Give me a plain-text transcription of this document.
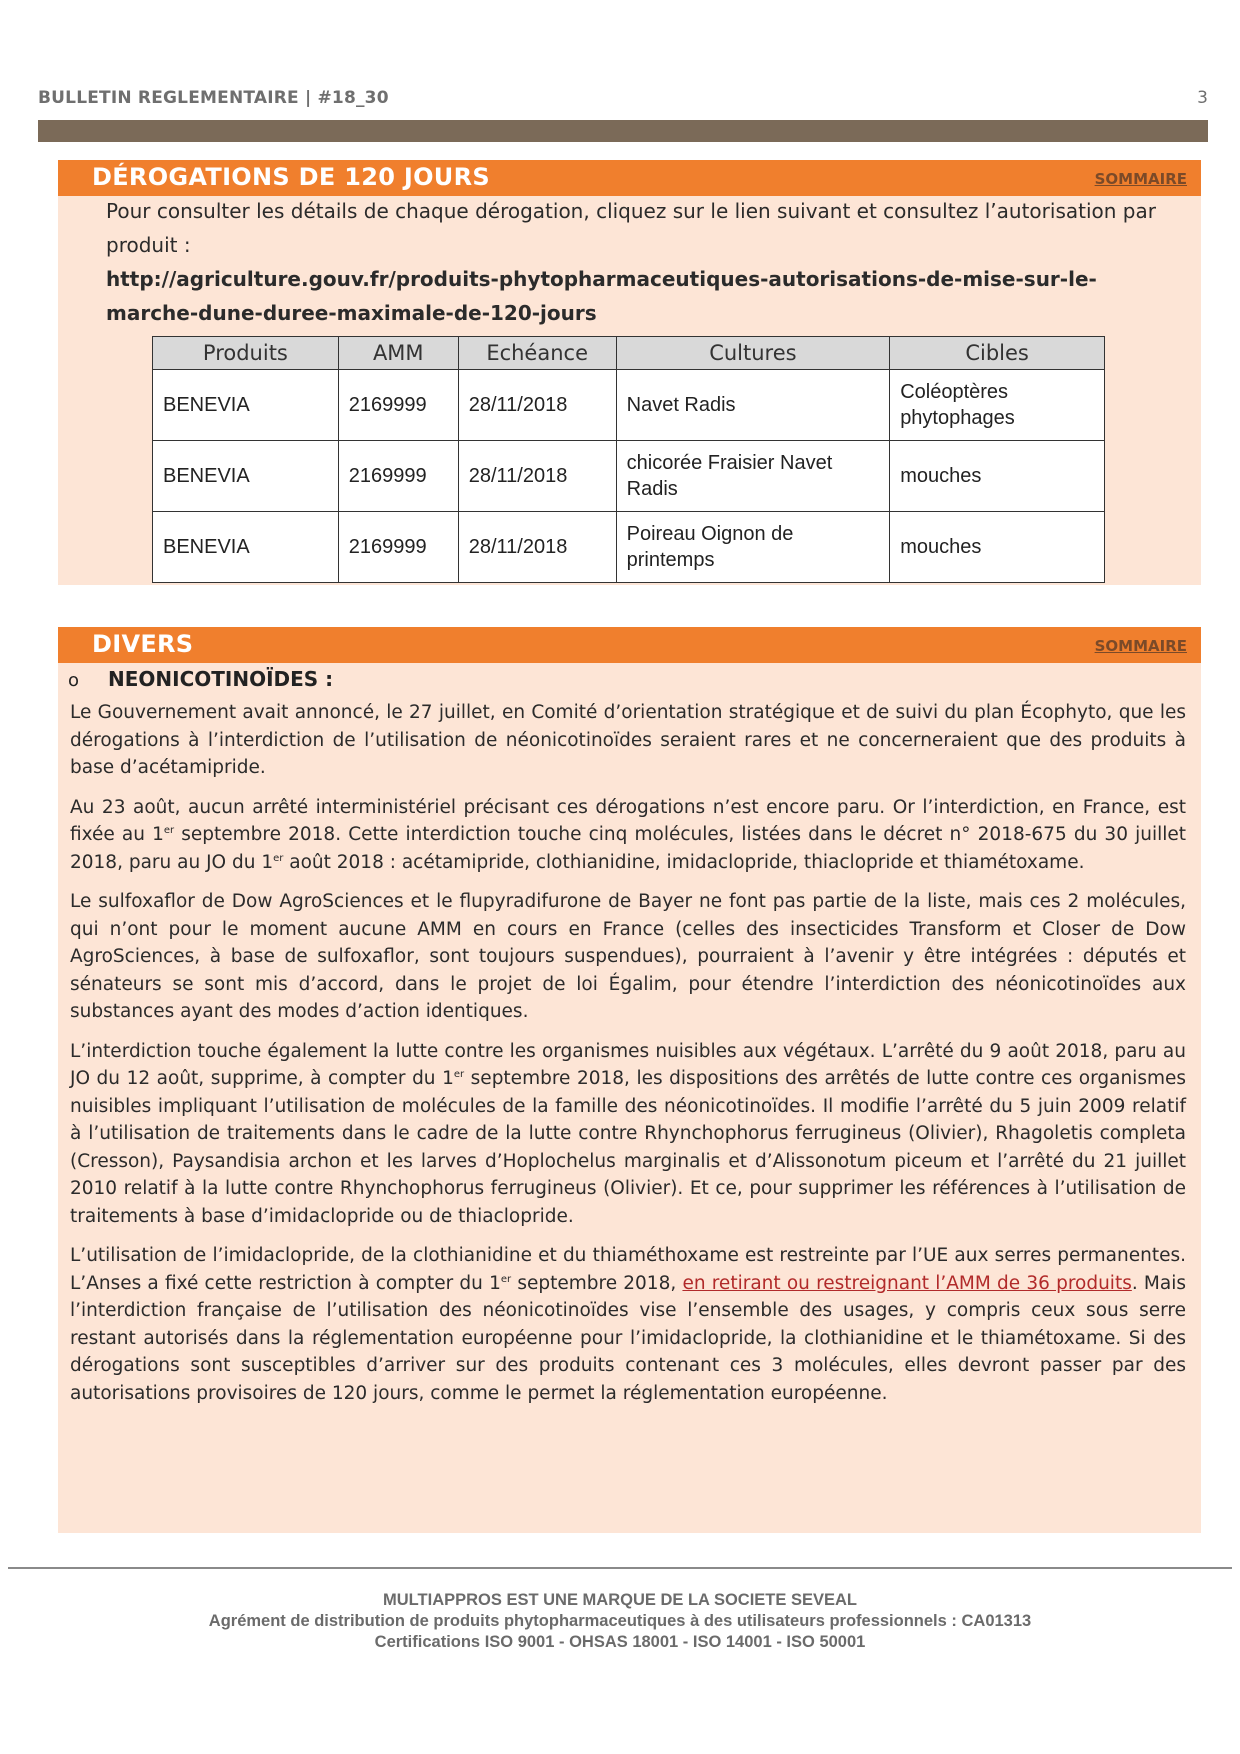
BULLETIN REGLEMENTAIRE | #18_30	3
DÉROGATIONS DE 120 JOURS	SOMMAIRE
Pour consulter les détails de chaque dérogation, cliquez sur le lien suivant et consultez l’autorisation par produit :
http://agriculture.gouv.fr/produits-phytopharmaceutiques-autorisations-de-mise-sur-le-marche-dune-duree-maximale-de-120-jours
Produits	AMM	Echéance	Cultures	Cibles
BENEVIA	2169999	28/11/2018	Navet Radis	Coléoptères phytophages
BENEVIA	2169999	28/11/2018	chicorée Fraisier Navet Radis	mouches
BENEVIA	2169999	28/11/2018	Poireau Oignon de printemps	mouches
DIVERS	SOMMAIRE
o NEONICOTINOÏDES :

Le Gouvernement avait annoncé, le 27 juillet, en Comité d’orientation stratégique et de suivi du plan Écophyto, que les dérogations à l’interdiction de l’utilisation de néonicotinoïdes seraient rares et ne concerneraient que des produits à base d’acétamipride.

Au 23 août, aucun arrêté interministériel précisant ces dérogations n’est encore paru. Or l’interdiction, en France, est fixée au 1er septembre 2018. Cette interdiction touche cinq molécules, listées dans le décret n° 2018-675 du 30 juillet 2018, paru au JO du 1er août 2018 : acétamipride, clothianidine, imidaclopride, thiaclopride et thiamétoxame.

Le sulfoxaflor de Dow AgroSciences et le flupyradifurone de Bayer ne font pas partie de la liste, mais ces 2 molécules, qui n’ont pour le moment aucune AMM en cours en France (celles des insecticides Transform et Closer de Dow AgroSciences, à base de sulfoxaflor, sont toujours suspendues), pourraient à l’avenir y être intégrées : députés et sénateurs se sont mis d’accord, dans le projet de loi Égalim, pour étendre l’interdiction des néonicotinoïdes aux substances ayant des modes d’action identiques.

L’interdiction touche également la lutte contre les organismes nuisibles aux végétaux. L’arrêté du 9 août 2018, paru au JO du 12 août, supprime, à compter du 1er septembre 2018, les dispositions des arrêtés de lutte contre ces organismes nuisibles impliquant l’utilisation de molécules de la famille des néonicotinoïdes. Il modifie l’arrêté du 5 juin 2009 relatif à l’utilisation de traitements dans le cadre de la lutte contre Rhynchophorus ferrugineus (Olivier), Rhagoletis completa (Cresson), Paysandisia archon et les larves d’Hoplochelus marginalis et d’Alissonotum piceum et l’arrêté du 21 juillet 2010 relatif à la lutte contre Rhynchophorus ferrugineus (Olivier). Et ce, pour supprimer les références à l’utilisation de traitements à base d’imidaclopride ou de thiaclopride.

L’utilisation de l’imidaclopride, de la clothianidine et du thiaméthoxame est restreinte par l’UE aux serres permanentes. L’Anses a fixé cette restriction à compter du 1er septembre 2018, en retirant ou restreignant l’AMM de 36 produits. Mais l’interdiction française de l’utilisation des néonicotinoïdes vise l’ensemble des usages, y compris ceux sous serre restant autorisés dans la réglementation européenne pour l’imidaclopride, la clothianidine et le thiamétoxame. Si des dérogations sont susceptibles d’arriver sur des produits contenant ces 3 molécules, elles devront passer par des autorisations provisoires de 120 jours, comme le permet la réglementation européenne.

MULTIAPPROS EST UNE MARQUE DE LA SOCIETE SEVEAL
Agrément de distribution de produits phytopharmaceutiques à des utilisateurs professionnels : CA01313
Certifications ISO 9001 - OHSAS 18001 - ISO 14001 - ISO 50001
